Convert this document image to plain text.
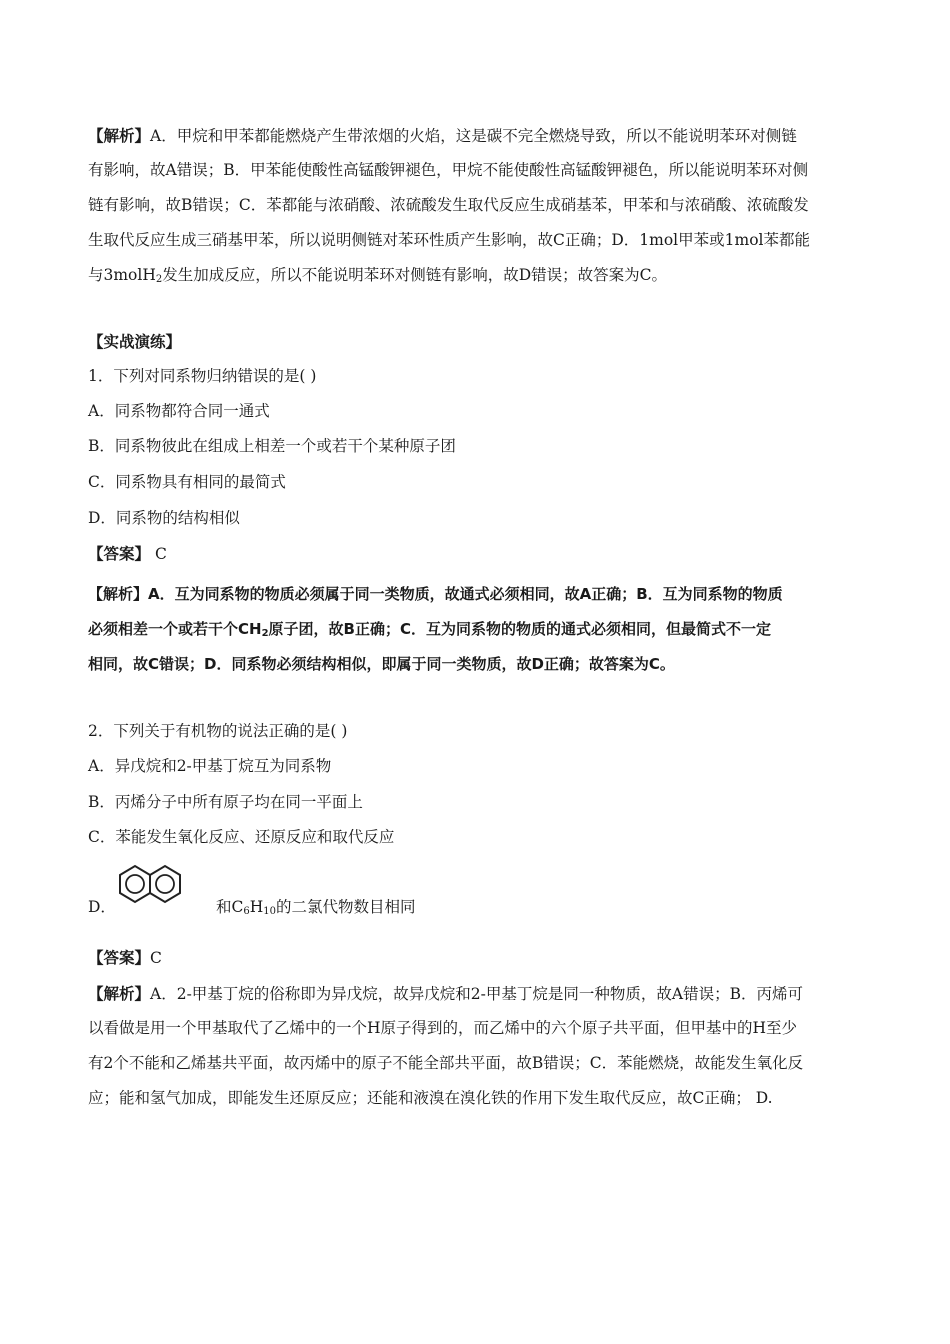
【解析】A．甲烷和甲苯都能燃烧产生带浓烟的火焰，这是碳不完全燃烧导致，所以不能说明苯环对侧链
有影响，故A错误；B．甲苯能使酸性高锰酸钾褪色，甲烷不能使酸性高锰酸钾褪色，所以能说明苯环对侧
链有影响，故B错误；C．苯都能与浓硝酸、浓硫酸发生取代反应生成硝基苯，甲苯和与浓硝酸、浓硫酸发
生取代反应生成三硝基甲苯，所以说明侧链对苯环性质产生影响，故C正确；D．1mol甲苯或1mol苯都能
与3molH$_2$发生加成反应，所以不能说明苯环对侧链有影响，故D错误；故答案为C。
【实战演练】
1．下列对同系物归纳错误的是( )
A．同系物都符合同一通式
B．同系物彼此在组成上相差一个或若干个某种原子团
C．同系物具有相同的最简式
D．同系物的结构相似
【答案】 C
【解析】A．互为同系物的物质必须属于同一类物质，故通式必须相同，故A正确；B．互为同系物的物质
必须相差一个或若干个$CH_2$原子团，故B正确；C．互为同系物的物质的通式必须相同，但最简式不一定
相同，故C错误；D．同系物必须结构相似，即属于同一类物质，故D正确；故答案为C。
2．下列关于有机物的说法正确的是( )
A．异戊烷和2-甲基丁烷互为同系物
B．丙烯分子中所有原子均在同一平面上
C．苯能发生氧化反应、还原反应和取代反应
D．	和$C_6H_{10}$的二氯代物数目相同
【答案】C
【解析】A．2-甲基丁烷的俗称即为异戊烷，故异戊烷和2-甲基丁烷是同一种物质，故A错误；B．丙烯可
以看做是用一个甲基取代了乙烯中的一个H原子得到的，而乙烯中的六个原子共平面，但甲基中的H至少
有2个不能和乙烯基共平面，故丙烯中的原子不能全部共平面，故B错误；C．苯能燃烧，故能发生氧化反
应；能和氢气加成，即能发生还原反应；还能和液溴在溴化铁的作用下发生取代反应，故C正确； D.
